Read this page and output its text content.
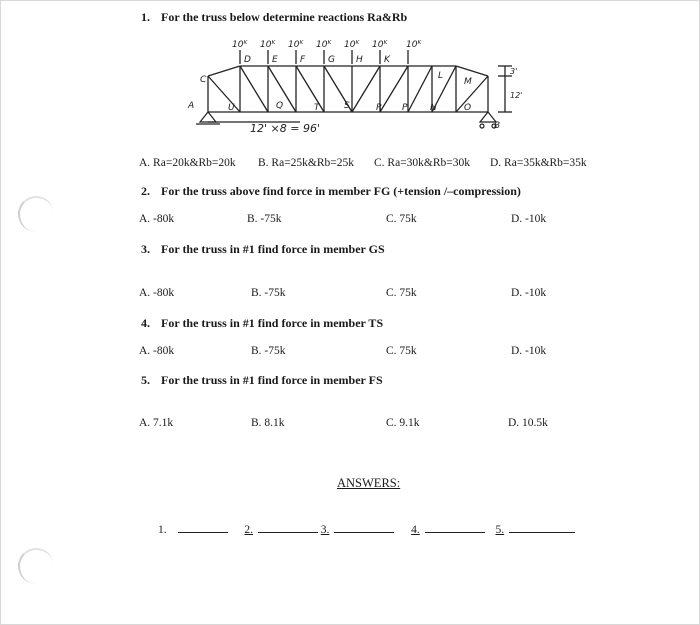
1. For the truss below determine reactions Ra&Rb
10ᴷ 10ᴷ 10ᴷ 10ᴷ 10ᴷ 10ᴷ 10ᴷ
D E F	G H K
L
U	Q	T	S	R P	N	O
C
A
B
M
12' ×8 = 96'
3'
12'
A. Ra=20k&Rb=20k B. Ra=25k&Rb=25k C. Ra=30k&Rb=30k D. Ra=35k&Rb=35k
2. For the truss above find force in member FG (+tension /–compression)
A. -80k	B. -75k	C. 75k	D. -10k
3. For the truss in #1 find force in member GS
A. -80k	B. -75k	C. 75k	D. -10k
4. For the truss in #1 find force in member TS
A. -80k	B. -75k	C. 75k	D. -10k
5. For the truss in #1 find force in member FS
A. 7.1k	B. 8.1k	C. 9.1k	D. 10.5k
ANSWERS:
1.	2.	3.	4.	5.
